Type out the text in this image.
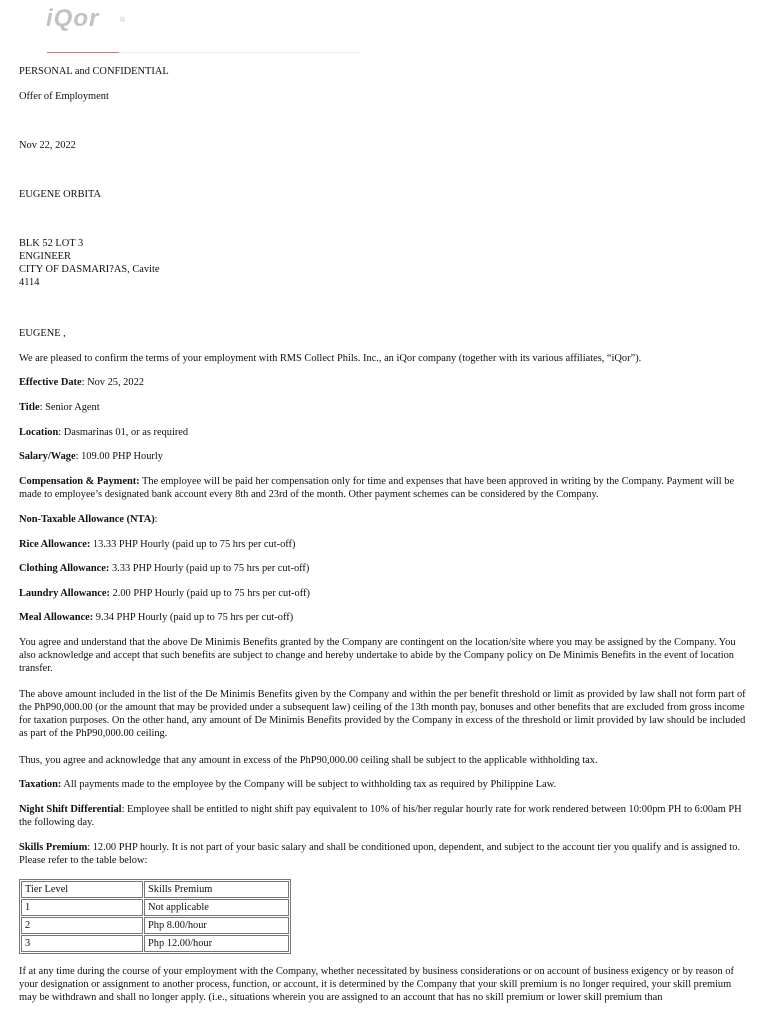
iQor	®

PERSONAL and CONFIDENTIAL

Offer of Employment

Nov 22, 2022

EUGENE ORBITA

BLK 52 LOT 3

ENGINEER

CITY OF DASMARI?AS, Cavite

4114

EUGENE ,

We are pleased to confirm the terms of your employment with RMS Collect Phils. Inc., an iQor company (together with its various affiliates, “iQor”).

Effective Date: Nov 25, 2022

Title: Senior Agent

Location: Dasmarinas 01, or as required

Salary/Wage: 109.00 PHP Hourly

Compensation & Payment: The employee will be paid her compensation only for time and expenses that have been approved in writing by the Company. Payment will be made to employee’s designated bank account every 8th and 23rd of the month. Other payment schemes can be considered by the Company.

Non-Taxable Allowance (NTA):

Rice Allowance: 13.33 PHP Hourly (paid up to 75 hrs per cut-off)

Clothing Allowance: 3.33 PHP Hourly (paid up to 75 hrs per cut-off)

Laundry Allowance: 2.00 PHP Hourly (paid up to 75 hrs per cut-off)

Meal Allowance: 9.34 PHP Hourly (paid up to 75 hrs per cut-off)

You agree and understand that the above De Minimis Benefits granted by the Company are contingent on the location/site where you may be assigned by the Company. You also acknowledge and accept that such benefits are subject to change and hereby undertake to abide by the Company policy on De Minimis Benefits in the event of location transfer.

The above amount included in the list of the De Minimis Benefits given by the Company and within the per benefit threshold or limit as provided by law shall not form part of the PhP90,000.00 (or the amount that may be provided under a subsequent law) ceiling of the 13th month pay, bonuses and other benefits that are excluded from gross income for taxation purposes. On the other hand, any amount of De Minimis Benefits provided by the Company in excess of the threshold or limit provided by law should be included as part of the PhP90,000.00 ceiling.

Thus, you agree and acknowledge that any amount in excess of the PhP90,000.00 ceiling shall be subject to the applicable withholding tax.

Taxation: All payments made to the employee by the Company will be subject to withholding tax as required by Philippine Law.

Night Shift Differential: Employee shall be entitled to night shift pay equivalent to 10% of his/her regular hourly rate for work rendered between 10:00pm PH to 6:00am PH the following day.

Skills Premium: 12.00 PHP hourly. It is not part of your basic salary and shall be conditioned upon, dependent, and subject to the account tier you qualify and is assigned to. Please refer to the table below:

Tier Level	Skills Premium
1	Not applicable
2	Php 8.00/hour
3	Php 12.00/hour

If at any time during the course of your employment with the Company, whether necessitated by business considerations or on account of business exigency or by reason of your designation or assignment to another process, function, or account, it is determined by the Company that your skill premium is no longer required, your skill premium may be withdrawn and shall no longer apply. (i.e., situations wherein you are assigned to an account that has no skill premium or lower skill premium than
